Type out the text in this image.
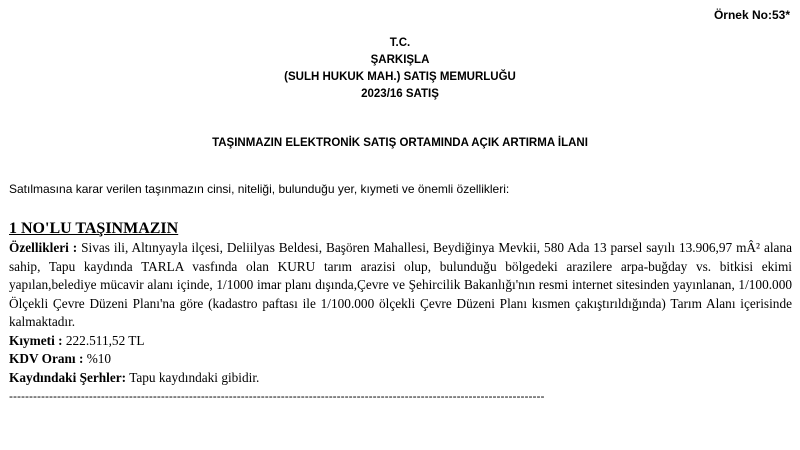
Örnek No:53*
T.C.
ŞARKIŞLA
(SULH HUKUK MAH.) SATIŞ MEMURLUĞU
2023/16 SATIŞ
TAŞINMAZIN ELEKTRONİK SATIŞ ORTAMINDA AÇIK ARTIRMA İLANI
Satılmasına karar verilen taşınmazın cinsi, niteliği, bulunduğu yer, kıymeti ve önemli özellikleri:
1 NO'LU TAŞINMAZIN

Özellikleri : Sivas ili, Altınyayla ilçesi, Deliilyas Beldesi, Başören Mahallesi, Beydiğinya Mevkii, 580 Ada 13 parsel sayılı 13.906,97 mÂ² alana sahip, Tapu kaydında TARLA vasfında olan KURU tarım arazisi olup, bulunduğu bölgedeki arazilere arpa-buğday vs. bitkisi ekimi yapılan,belediye mücavir alanı içinde, 1/1000 imar planı dışında,Çevre ve Şehircilik Bakanlığı'nın resmi internet sitesinden yayınlanan, 1/100.000 Ölçekli Çevre Düzeni Planı'na göre (kadastro paftası ile 1/100.000 ölçekli Çevre Düzeni Planı kısmen çakıştırıldığında) Tarım Alanı içerisinde kalmaktadır.

Kıymeti : 222.511,52 TL

KDV Oranı : %10

Kaydındaki Şerhler: Tapu kaydındaki gibidir.

--------------------------------------------------------------------------------------------------------------------------------------
